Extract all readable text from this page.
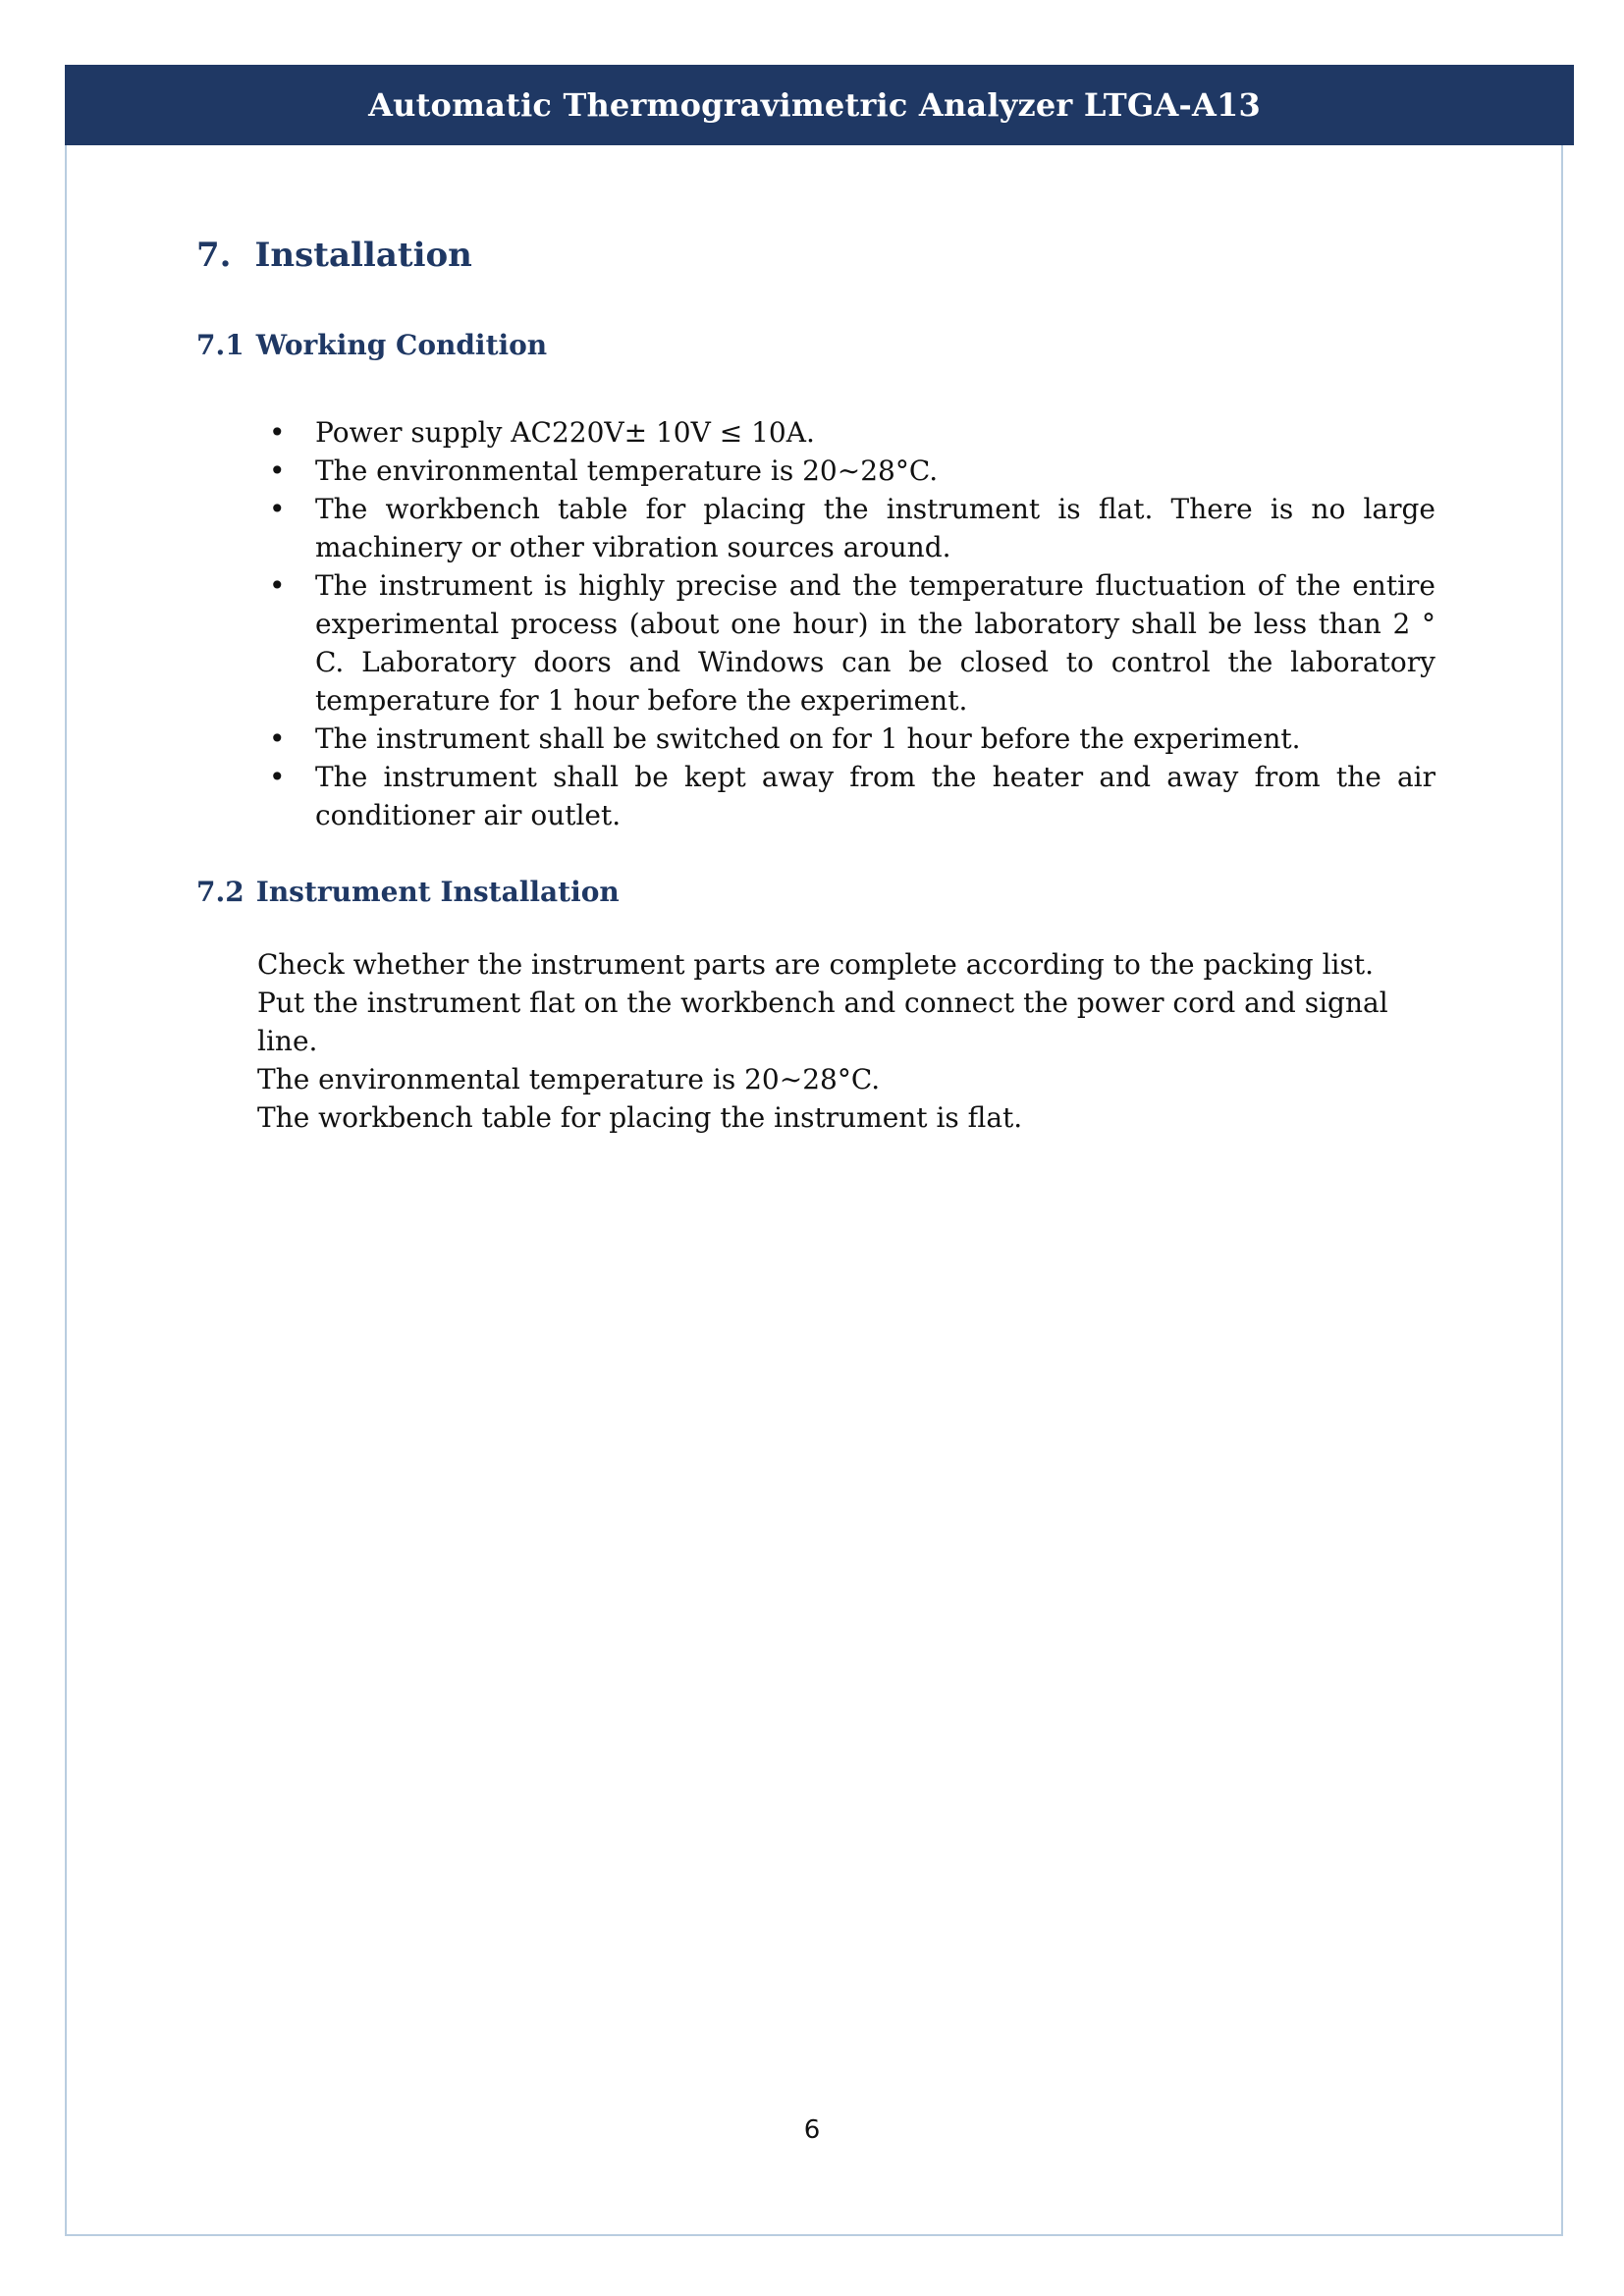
Automatic Thermogravimetric Analyzer LTGA-A13
7. Installation
7.1 Working Condition
• Power supply AC220V± 10V ≤ 10A.
• The environmental temperature is 20∼28°C.
• The workbench table for placing the instrument is flat. There is no large machinery or other vibration sources around.
• The instrument is highly precise and the temperature fluctuation of the entire experimental process (about one hour) in the laboratory shall be less than 2 ° C. Laboratory doors and Windows can be closed to control the laboratory temperature for 1 hour before the experiment.
• The instrument shall be switched on for 1 hour before the experiment.
• The instrument shall be kept away from the heater and away from the air conditioner air outlet.
7.2 Instrument Installation

Check whether the instrument parts are complete according to the packing list.

Put the instrument flat on the workbench and connect the power cord and signal line.

The environmental temperature is 20∼28°C.

The workbench table for placing the instrument is flat.

6
